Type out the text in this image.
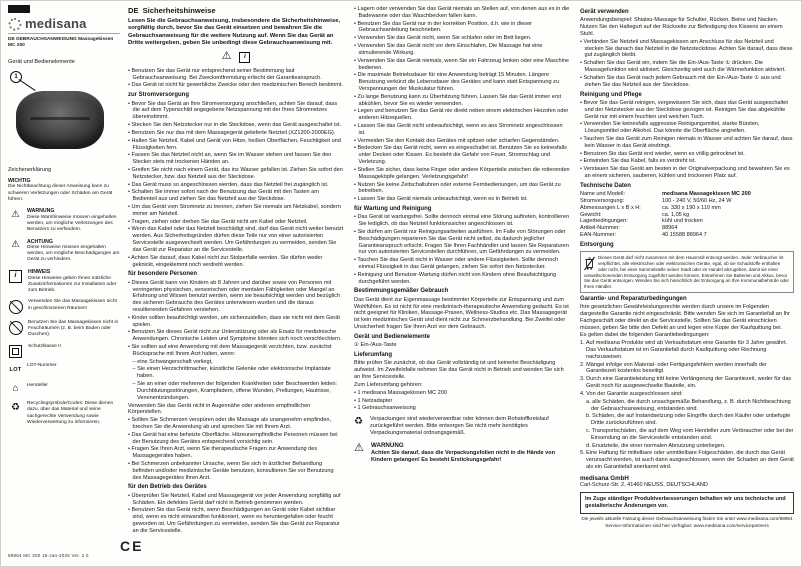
medisana
DE GEBRAUCHSANWEISUNG Massagekissen MC 200
Gerät und Bedienelemente
1
Zeichenerklärung
WICHTIG
Die Nichtbeachtung dieser Anweisung kann zu schweren Verletzungen oder Schäden am Gerät führen.
⚠	WARNUNG
Diese Warnhinweise müssen eingehalten werden, um mögliche Verletzungen des Benutzers zu verhindern.
⚠	ACHTUNG
Diese Hinweise müssen eingehalten werden, um mögliche Beschädigungen am Gerät zu verhindern.
i
HINWEIS
Diese Hinweise geben Ihnen nützliche Zusatzinformationen zur Installation oder zum Betrieb.
Verwenden Sie das Massagekissen nicht in geschlossenen Räumen!
Benutzen Sie das Massagekissen nicht in Feuchträumen (z. B. beim Baden oder Duschen).
Schutzklasse II
LOT
LOT-Nummer
⌂	Hersteller
♻	Recyclingsymbole/Codes: Diese dienen dazu, über das Material und seine sachgerechte Verwendung sowie Wiederverwertung zu informieren.
88964 MC 200 16-Jan-2025 Ver. 2.0
CE
DE Sicherheitshinweise
Lesen Sie die Gebrauchsanweisung, insbesondere die Sicherheitshinweise, sorgfältig durch, bevor Sie das Gerät einsetzen und bewahren Sie die Gebrauchsanweisung für die weitere Nutzung auf. Wenn Sie das Gerät an Dritte weitergeben, geben Sie unbedingt diese Gebrauchsanweisung mit.
⚠	i
• Benutzen Sie das Gerät nur entsprechend seiner Bestimmung laut Gebrauchsanweisung. Bei Zweckentfremdung erlischt der Garantieanspruch.
• Das Gerät ist nicht für gewerbliche Zwecke oder den medizinischen Bereich bestimmt.
zur Stromversorgung
• Bevor Sie das Gerät an Ihre Stromversorgung anschließen, achten Sie darauf, dass die auf dem Typenschild angegebene Netzspannung mit der Ihres Stromnetzes übereinstimmt.
• Stecken Sie den Netzstecker nur in die Steckdose, wenn das Gerät ausgeschaltet ist.
• Benutzen Sie nur das mit dem Massagegerät gelieferte Netzteil (XZ1200-2000EG).
• Halten Sie Netzteil, Kabel und Gerät von Hitze, heißen Oberflächen, Feuchtigkeit und Flüssigkeiten fern.
• Fassen Sie das Netzteil nicht an, wenn Sie im Wasser stehen und fassen Sie den Stecker stets mit trockenen Händen an.
• Greifen Sie nicht nach einem Gerät, das ins Wasser gefallen ist. Ziehen Sie sofort den Netzstecker, bzw. das Netzteil aus der Steckdose.
• Das Gerät muss so angeschlossen werden, dass das Netzteil frei zugänglich ist.
• Schalten Sie immer sofort nach der Benutzung das Gerät mit den Tasten am Bedienteil aus und ziehen Sie das Netzteil aus der Steckdose.
• Um das Gerät vom Stromnetz zu trennen, ziehen Sie niemals am Netzkabel, sondern immer am Netzteil.
• Tragen, ziehen oder drehen Sie das Gerät nicht am Kabel oder Netzteil.
• Wenn das Kabel oder das Netzteil beschädigt sind, darf das Gerät nicht weiter benutzt werden. Aus Sicherheitsgründen dürfen diese Teile nur von einer autorisierten Servicestelle ausgewechselt werden. Um Gefährdungen zu vermeiden, senden Sie das Gerät zur Reparatur an die Servicestelle.
• Achten Sie darauf, dass Kabel nicht zur Stolperfalle werden. Sie dürfen weder geknickt, eingeklemmt noch verdreht werden.
für besondere Personen
• Dieses Gerät kann von Kindern ab 8 Jahren und darüber sowie von Personen mit verringerten physischen, sensorischen oder mentalen Fähigkeiten oder Mangel an Erfahrung und Wissen benutzt werden, wenn sie beaufsichtigt werden und bezüglich des sicheren Gebrauchs des Gerätes unterwiesen wurden und die daraus resultierenden Gefahren verstehen.
• Kinder sollten beaufsichtigt werden, um sicherzustellen, dass sie nicht mit dem Gerät spielen.
• Benutzen Sie dieses Gerät nicht zur Unterstützung oder als Ersatz für medizinische Anwendungen. Chronische Leiden und Symptome könnten sich noch verschlechtern.
• Sie sollten auf eine Anwendung mit dem Massagegerät verzichten, bzw. zunächst Rücksprache mit Ihrem Arzt halten, wenn:
– eine Schwangerschaft vorliegt,
– Sie einen Herzschrittmacher, künstliche Gelenke oder elektronische Implantate haben.
– Sie an einer oder mehreren der folgenden Krankheiten oder Beschwerden leiden: Durchblutungsstörungen, Krampfadern, offene Wunden, Prellungen, Hautrisse, Venenentzündungen.
Verwenden Sie das Gerät nicht in Augennähe oder anderen empfindlichen Körperstellen.
• Sollten Sie Schmerzen verspüren oder die Massage als unangenehm empfinden, brechen Sie die Anwendung ab und sprechen Sie mit Ihrem Arzt.
• Das Gerät hat eine beheizte Oberfläche. Hitzeunempfindliche Personen müssen bei der Benutzung des Gerätes entsprechend vorsichtig sein.
• Fragen Sie Ihren Arzt, wenn Sie therapeutische Fragen zur Anwendung des Massagegerätes haben.
• Bei Schmerzen unbekannter Ursache, wenn Sie sich in ärztlicher Behandlung befinden und/oder medizinische Geräte benutzen, konsultieren Sie vor Benutzung des Massagegerätes Ihren Arzt.
für den Betrieb des Gerätes
• Überprüfen Sie Netzteil, Kabel und Massagegerät vor jeder Anwendung sorgfältig auf Schäden. Ein defektes Gerät darf nicht in Betrieb genommen werden.
• Benutzen Sie das Gerät nicht, wenn Beschädigungen an Gerät oder Kabel sichtbar sind, wenn es nicht einwandfrei funktioniert, wenn es heruntergefallen oder feucht geworden ist. Um Gefährdungen zu vermeiden, senden Sie das Gerät zur Reparatur an die Servicestelle.
• Lagern oder verwenden Sie das Gerät niemals an Stellen auf, von denen aus es in die Badewanne oder das Waschbecken fallen kann.
• Benutzen Sie das Gerät nur in der korrekten Position, d.h. wie in dieser Gebrauchsanleitung beschrieben.
• Verwenden Sie das Gerät nicht, wenn Sie schlafen oder im Bett liegen.
• Verwenden Sie das Gerät nicht vor dem Einschlafen. Die Massage hat eine stimulierende Wirkung.
• Verwenden Sie das Gerät niemals, wenn Sie ein Fahrzeug lenken oder eine Maschine bedienen.
• Die maximale Betriebsdauer für eine Anwendung beträgt 15 Minuten. Längere Benutzung verkürzt die Lebensdauer des Gerätes und kann statt Entspannung zu Verspannungen der Muskulatur führen.
• Zu lange Benutzung kann zu Überhitzung führen. Lassen Sie das Gerät immer erst abkühlen, bevor Sie es wieder verwenden.
• Legen und benutzen Sie das Gerät nie direkt neben einem elektrischen Heizofen oder anderen Hitzequellen.
• Lassen Sie das Gerät nicht unbeaufsichtigt, wenn es ans Stromnetz angeschlossen ist.
• Vermeiden Sie den Kontakt des Gerätes mit spitzen oder scharfen Gegenständen.
• Bedecken Sie das Gerät nicht, wenn es eingeschaltet ist. Benutzen Sie es keinesfalls unter Decken oder Kissen. Es besteht die Gefahr von Feuer, Stromschlag und Verletzung.
• Stellen Sie sicher, dass keine Finger oder andere Körperteile zwischen die rotierenden Massageköpfe gelangen. Verletzungsgefahr!
• Nutzen Sie keine Zeitschaltuhren oder externe Fernbedienungen, um das Gerät zu betreiben.
• Lassen Sie das Gerät niemals unbeaufsichtigt, wenn es in Betrieb ist.
für Wartung und Reinigung
• Das Gerät ist wartungsfrei. Sollte dennoch einmal eine Störung auftreten, kontrollieren Sie lediglich, ob das Netzteil funktionssicher angeschlossen ist.
• Sie dürfen am Gerät nur Reinigungsarbeiten ausführen. Im Falle von Störungen oder Beschädigungen reparieren Sie das Gerät nicht selbst, da dadurch jeglicher Garantieanspruch erlischt. Fragen Sie Ihren Fachhändler und lassen Sie Reparaturen nur von autorisierten Servicestellen durchführen, um Gefährdungen zu vermeiden.
• Tauchen Sie das Gerät nicht in Wasser oder andere Flüssigkeiten. Sollte dennoch einmal Flüssigkeit in das Gerät gelangen, ziehen Sie sofort den Netzstecker.
• Reinigung und Benutzer-Wartung dürfen nicht von Kindern ohne Beaufsichtigung durchgeführt werden.
Bestimmungsgemäßer Gebrauch
Das Gerät dient zur Eigenmassage bestimmter Körperteile zur Entspannung und zum Wohlfühlen. Es ist nicht für eine medizinisch-therapeutische Anwendung gedacht. Es ist nicht geeignet für Kliniken, Massage-Praxen, Wellness-Studios etc. Das Massagegerät ist kein medizinisches Gerät und dient nicht zur Schmerzbehandlung. Bei Zweifel oder Unsicherheit fragen Sie Ihren Arzt vor dem Gebrauch.
Gerät und Bedienelemente
① Ein-/Aus-Taste
Lieferumfang
Bitte prüfen Sie zunächst, ob das Gerät vollständig ist und keinerlei Beschädigung aufweist. Im Zweifelsfalle nehmen Sie das Gerät nicht in Betrieb und wenden Sie sich an Ihre Servicestelle.
Zum Lieferumfang gehören:
• 1 medisana Massagekissen MC 200
• 1 Netzadapter
• 1 Gebrauchsanweisung
♻	Verpackungen sind wiederverwertbar oder können dem Rohstoffkreislauf zurückgeführt werden. Bitte entsorgen Sie nicht mehr benötigtes Verpackungsmaterial ordnungsgemäß.
⚠	WARNUNG
Achten Sie darauf, dass die Verpackungsfolien nicht in die Hände von Kindern gelangen! Es besteht Erstickungsgefahr!
Gerät verwenden
Anwendungsbeispiel: Shiatsu-Massage für Schulter, Rücken, Beine und Nacken. Nutzen Sie den Haltegurt auf der Rückseite zur Befestigung des Kissens an einem Stuhl.
• Verbinden Sie Netzteil und Massagekissen am Anschluss für das Netzteil und stecken Sie danach das Netzteil in die Netzsteckdose. Achten Sie darauf, dass diese gut zugänglich bleibt.
• Schalten Sie das Gerät ein, indem Sie die Ein-/Aus-Taste ① drücken. Die Massagefunktion wird aktiviert. Gleichzeitig wird auch die Wärmefunktion aktiviert.
• Schalten Sie das Gerät nach jedem Gebrauch mit der Ein-/Aus-Taste ① aus und ziehen Sie das Netzteil aus der Steckdose.
Reinigung und Pflege
• Bevor Sie das Gerät reinigen, vergewissern Sie sich, dass das Gerät ausgeschaltet und der Netzstecker aus der Steckdose gezogen ist. Reinigen Sie das abgekühlte Gerät nur mit einem feuchten und weichen Tuch.
• Verwenden Sie keinesfalls aggressive Reinigungsmittel, starke Bürsten, Lösungsmittel oder Alkohol. Das könnte die Oberfläche angreifen.
• Tauchen Sie das Gerät zum Reinigen niemals in Wasser und achten Sie darauf, dass kein Wasser in das Gerät eindringt.
• Benutzen Sie das Gerät erst wieder, wenn es völlig getrocknet ist.
• Entwinden Sie das Kabel, falls es verdreht ist.
• Verstauen Sie das Gerät am besten in der Originalverpackung und bewahren Sie es an einem sicheren, sauberen, kühlen und trockenen Platz auf.
Technische Daten
Name und Modell:	medisana Massagekissen MC 200
Stromversorgung:	100 - 240 V, 50/60 Hz, 24 W
Abmessungen L x B x H:	ca. 330 x 190 x 110 mm
Gewicht:	ca. 1,05 kg
Lagerbedingungen:	kühl und trocken
Artikel-Nummer:	88964
EAN-Nummer:	40 15588 88964 7
Entsorgung
Dieses Gerät darf nicht zusammen mit dem Hausmüll entsorgt werden. Jeder Verbraucher ist verpflichtet, alle elektrischen oder elektronischen Geräte, egal, ob sie Schadstoffe enthalten oder nicht, bei einer Sammelstelle seiner Stadt oder im Handel abzugeben, damit sie einer umweltschonenden Entsorgung zugeführt werden können. Entnehmen Sie Batterien und Akkus, bevor Sie das Gerät entsorgen. Wenden Sie sich hinsichtlich der Entsorgung an Ihre Kommunalbehörde oder Ihren Händler.
Garantie- und Reparaturbedingungen
Ihre gesetzlichen Gewährleistungsrechte werden durch unsere im Folgenden dargestellte Garantie nicht eingeschränkt. Bitte wenden Sie sich im Garantiefall an Ihr Fachgeschäft oder direkt an die Servicestelle. Sollten Sie das Gerät einschicken müssen, geben Sie bitte den Defekt an und legen eine Kopie der Kaufquittung bei.
Es gelten dabei die folgenden Garantiebedingungen:
1. Auf medisana Produkte wird ab Verkaufsdatum eine Garantie für 3 Jahre gewährt. Das Verkaufsdatum ist im Garantiefall durch Kaufquittung oder Rechnung nachzuweisen.
2. Mängel infolge von Material- oder Fertigungsfehlern werden innerhalb der Garantiezeit kostenlos beseitigt.
3. Durch eine Garantieleistung tritt keine Verlängerung der Garantiezeit, weder für das Gerät noch für ausgewechselte Bauteile, ein.
4. Von der Garantie ausgeschlossen sind:
a. alle Schäden, die durch unsachgemäße Behandlung, z. B. durch Nichtbeachtung der Gebrauchsanweisung, entstanden sind.
b. Schäden, die auf Instandsetzung oder Eingriffe durch den Käufer oder unbefugte Dritte zurückzuführen sind.
c. Transportschäden, die auf dem Weg vom Hersteller zum Verbraucher oder bei der Einsendung an die Servicestelle entstanden sind.
d. Ersatzteile, die einer normalen Abnutzung unterliegen.
5. Eine Haftung für mittelbare oder unmittelbare Folgeschäden, die durch das Gerät verursacht werden, ist auch dann ausgeschlossen, wenn der Schaden an dem Gerät als ein Garantiefall anerkannt wird.
medisana GmbH
Carl-Schurz-Str. 2, 41460 NEUSS, DEUTSCHLAND
Im Zuge ständiger Produktverbesserungen behalten wir uns technische und gestalterische Änderungen vor.
Die jeweils aktuelle Fassung dieser Gebrauchsanweisung finden Sie unter www.medisana.com/88964
Service-Informationen sind hier verfügbar: www.medisana.com/servicepartners
